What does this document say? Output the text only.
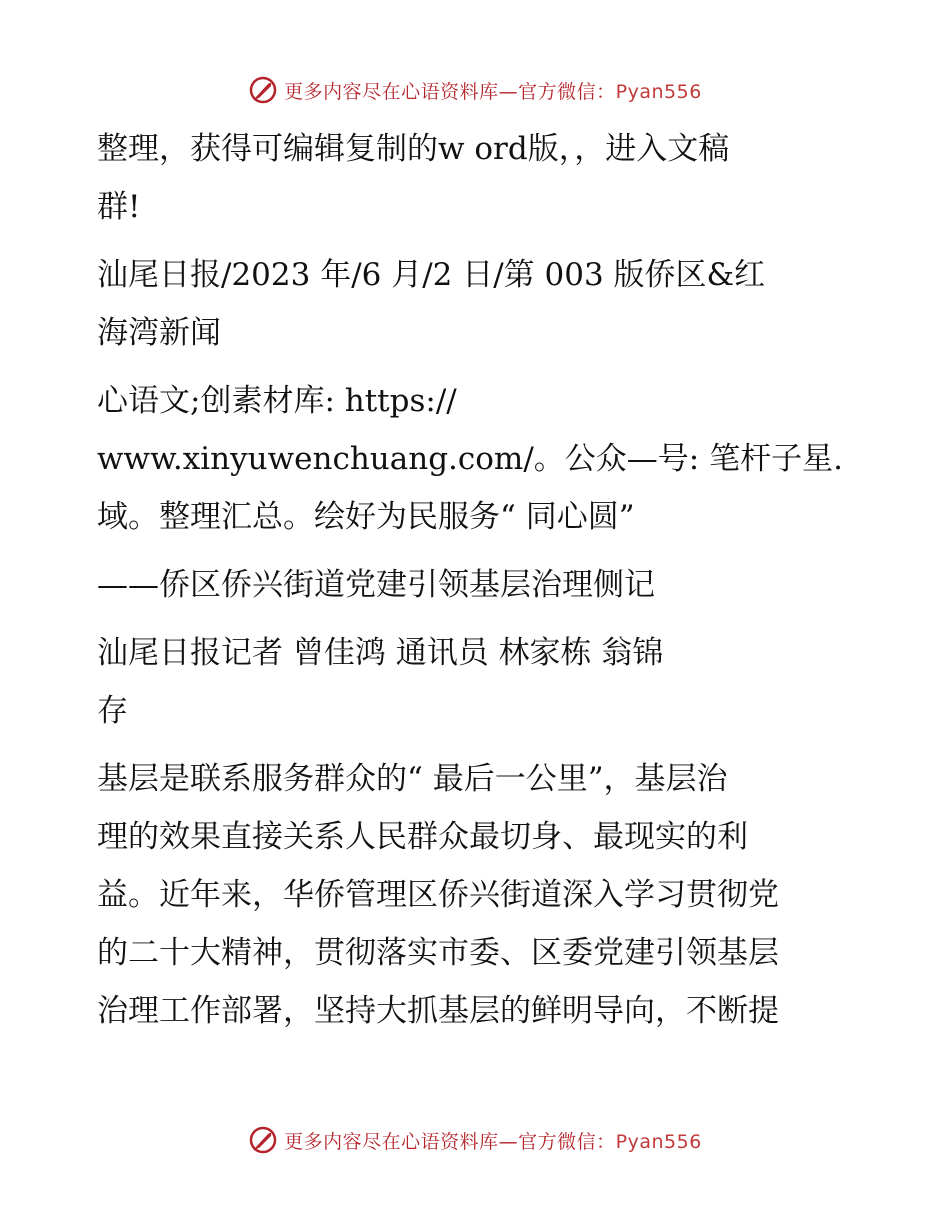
更多内容尽在心语资料库—官方微信：Pyan556
整理，获得可编辑复制的w ord版，，进入文稿
群!
汕尾日报/2023 年/6 月/2 日/第 003 版侨区&红
海湾新闻
心语文;创素材库: https://
www.xinyuwenchuang.com/。公众—号: 笔杆子星.
域。整理汇总。绘好为民服务“ 同心圆”
——侨区侨兴街道党建引领基层治理侧记
汕尾日报记者 曾佳鸿 通讯员 林家栋 翁锦
存
基层是联系服务群众的“ 最后一公里”，基层治
理的效果直接关系人民群众最切身、最现实的利
益。近年来，华侨管理区侨兴街道深入学习贯彻党
的二十大精神，贯彻落实市委、区委党建引领基层
治理工作部署，坚持大抓基层的鲜明导向，不断提
更多内容尽在心语资料库—官方微信：Pyan556
